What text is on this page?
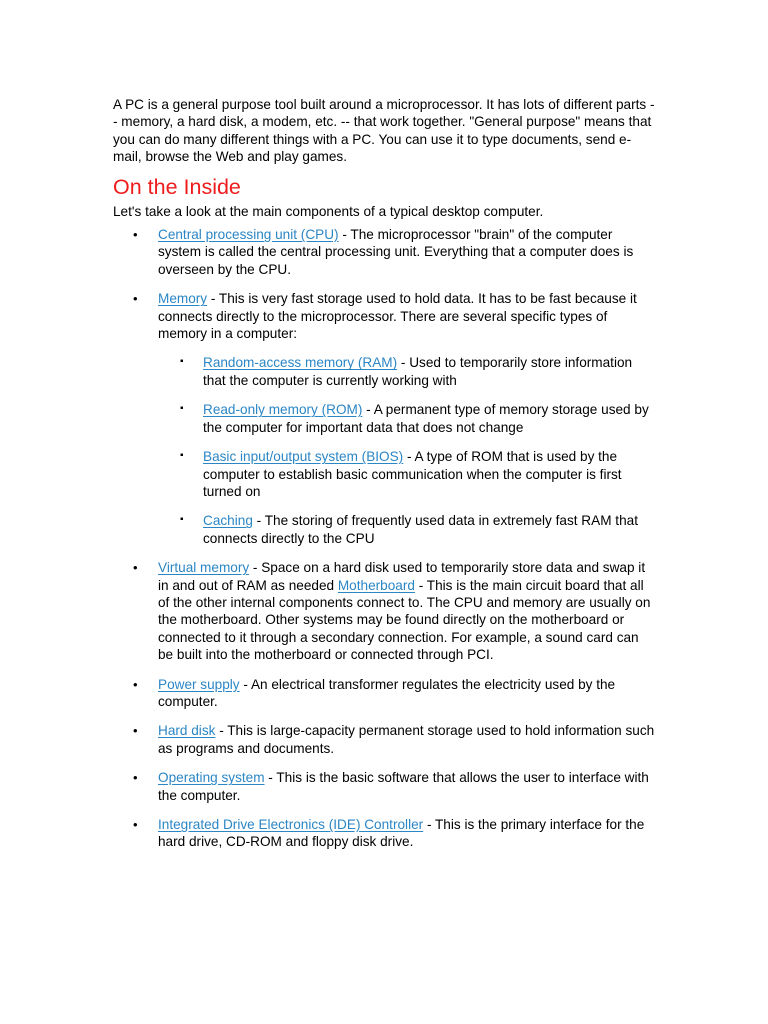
A PC is a general purpose tool built around a microprocessor. It has lots of different parts -- memory, a hard disk, a modem, etc. -- that work together. "General purpose" means that you can do many different things with a PC. You can use it to type documents, send e-mail, browse the Web and play games.

On the Inside

Let's take a look at the main components of a typical desktop computer.

• Central processing unit (CPU) - The microprocessor "brain" of the computer system is called the central processing unit. Everything that a computer does is overseen by the CPU.
• Memory - This is very fast storage used to hold data. It has to be fast because it connects directly to the microprocessor. There are several specific types of memory in a computer:
▪ Random-access memory (RAM) - Used to temporarily store information that the computer is currently working with
▪ Read-only memory (ROM) - A permanent type of memory storage used by the computer for important data that does not change
▪ Basic input/output system (BIOS) - A type of ROM that is used by the computer to establish basic communication when the computer is first turned on
▪ Caching - The storing of frequently used data in extremely fast RAM that connects directly to the CPU
• Virtual memory - Space on a hard disk used to temporarily store data and swap it in and out of RAM as needed Motherboard - This is the main circuit board that all of the other internal components connect to. The CPU and memory are usually on the motherboard. Other systems may be found directly on the motherboard or connected to it through a secondary connection. For example, a sound card can be built into the motherboard or connected through PCI.
• Power supply - An electrical transformer regulates the electricity used by the computer.
• Hard disk - This is large-capacity permanent storage used to hold information such as programs and documents.
• Operating system - This is the basic software that allows the user to interface with the computer.
• Integrated Drive Electronics (IDE) Controller - This is the primary interface for the hard drive, CD-ROM and floppy disk drive.
